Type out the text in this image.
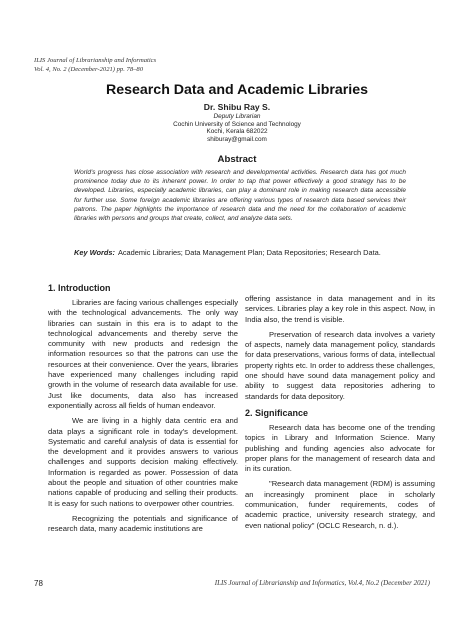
ILIS Journal of Librarianship and Informatics
Vol. 4, No. 2 (December-2021) pp. 78–80
Research Data and Academic Libraries
Dr. Shibu Ray S.
Deputy Librarian
Cochin University of Science and Technology
Kochi, Kerala 682022
shiburay@gmail.com
Abstract
World's progress has close association with research and developmental activities. Research data has got much prominence today due to its inherent power. In order to tap that power effectively a good strategy has to be developed. Libraries, especially academic libraries, can play a dominant role in making research data accessible for further use. Some foreign academic libraries are offering various types of research data based services their patrons. The paper highlights the importance of research data and the need for the collaboration of academic libraries with persons and groups that create, collect, and analyze data sets.
Key Words: Academic Libraries; Data Management Plan; Data Repositories; Research Data.
1. Introduction

Libraries are facing various challenges especially with the technological advancements. The only way libraries can sustain in this era is to adapt to the technological advancements and thereby serve the community with new products and redesign the information resources so that the patrons can use the resources at their convenience. Over the years, libraries have experienced many challenges including rapid growth in the volume of research data available for use. Just like documents, data also has increased exponentially across all fields of human endeavor.

We are living in a highly data centric era and data plays a significant role in today's development. Systematic and careful analysis of data is essential for the development and it provides answers to various challenges and supports decision making effectively. Information is regarded as power. Possession of data about the people and situation of other countries make nations capable of producing and selling their products. It is easy for such nations to overpower other countries.

Recognizing the potentials and significance of research data, many academic institutions are

offering assistance in data management and in its services. Libraries play a key role in this aspect. Now, in India also, the trend is visible.

Preservation of research data involves a variety of aspects, namely data management policy, standards for data preservations, various forms of data, intellectual property rights etc. In order to address these challenges, one should have sound data management policy and ability to suggest data repositories adhering to standards for data depository.

2. Significance

Research data has become one of the trending topics in Library and Information Science. Many publishing and funding agencies also advocate for proper plans for the management of research data and in its curation.

"Research data management (RDM) is assuming an increasingly prominent place in scholarly communication, funder requirements, codes of academic practice, university research strategy, and even national policy" (OCLC Research, n. d.).

78	ILIS Journal of Librarianship and Informatics, Vol.4, No.2 (December 2021)
